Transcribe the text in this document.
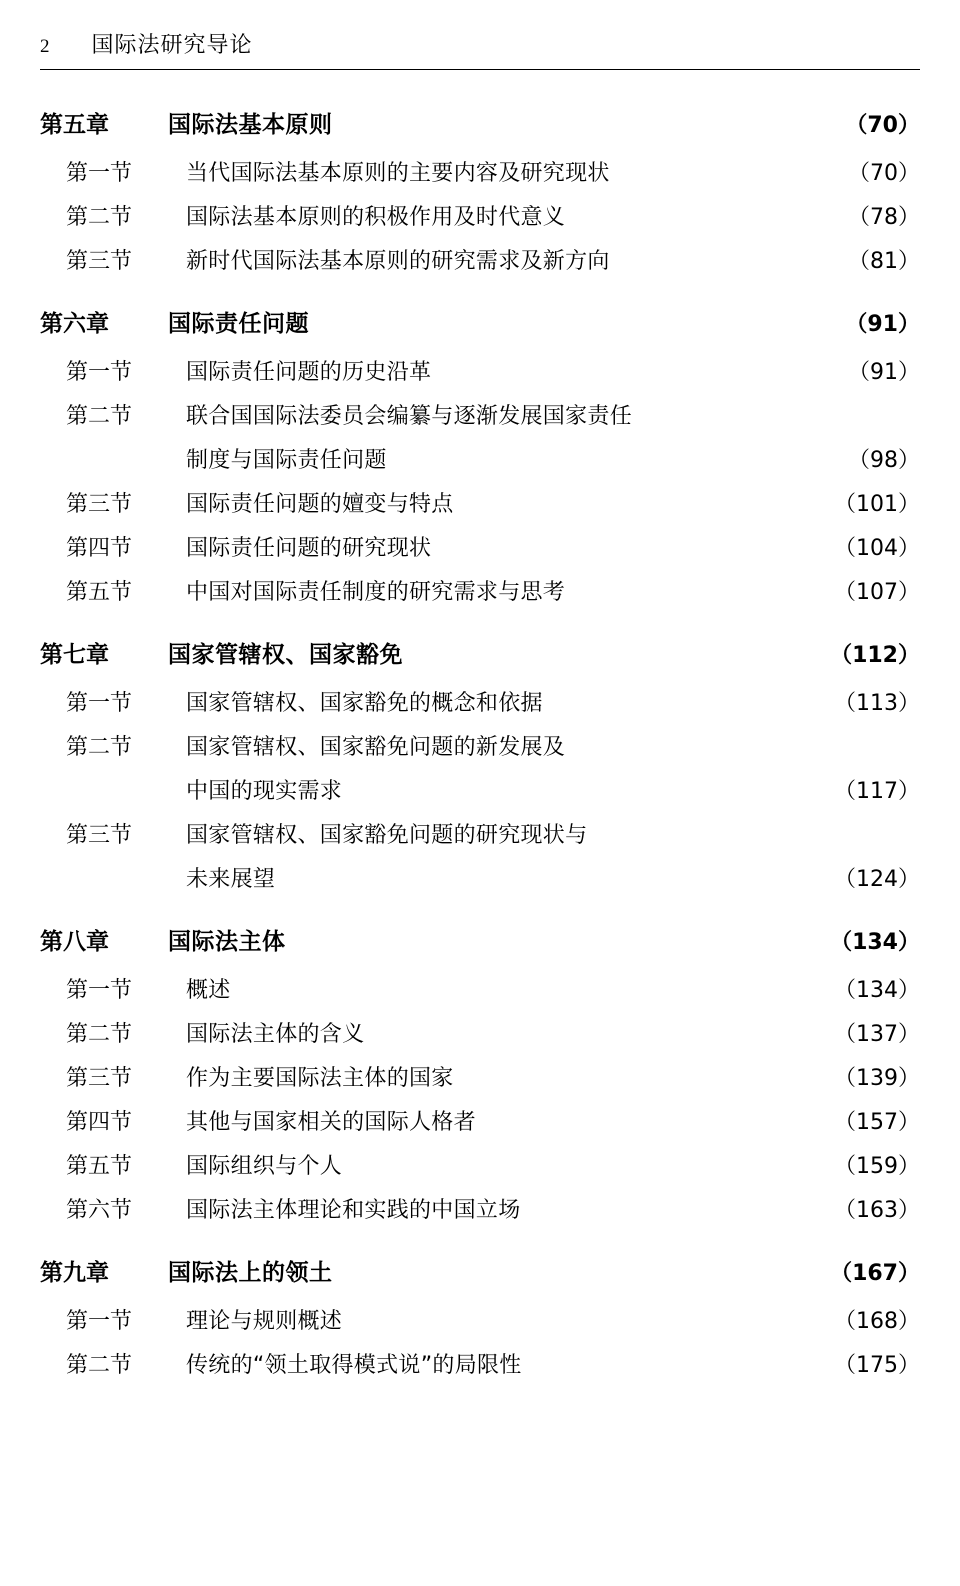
2 国际法研究导论
第五章	国际法基本原则 ·····	（70）
第一节	当代国际法基本原则的主要内容及研究现状 ·····	（70）
第二节	国际法基本原则的积极作用及时代意义 ·····	（78）
第三节	新时代国际法基本原则的研究需求及新方向 ·····	（81）
第六章	国际责任问题 ·····	（91）
第一节	国际责任问题的历史沿革 ·····	（91）
第二节	联合国国际法委员会编纂与逐渐发展国家责任
制度与国际责任问题 ·····	（98）
第三节	国际责任问题的嬗变与特点 ·····	（101）
第四节	国际责任问题的研究现状 ·····	（104）
第五节	中国对国际责任制度的研究需求与思考 ·····	（107）
第七章	国家管辖权、国家豁免 ·····	（112）
第一节	国家管辖权、国家豁免的概念和依据 ·····	（113）
第二节	国家管辖权、国家豁免问题的新发展及
中国的现实需求 ·····	（117）
第三节	国家管辖权、国家豁免问题的研究现状与
未来展望 ·····	（124）
第八章	国际法主体 ·····	（134）
第一节	概述 ·····	（134）
第二节	国际法主体的含义 ·····	（137）
第三节	作为主要国际法主体的国家 ·····	（139）
第四节	其他与国家相关的国际人格者 ·····	（157）
第五节	国际组织与个人 ·····	（159）
第六节	国际法主体理论和实践的中国立场 ·····	（163）
第九章	国际法上的领土 ·····	（167）
第一节	理论与规则概述 ·····	（168）
第二节	传统的“领土取得模式说”的局限性 ·····	（175）
